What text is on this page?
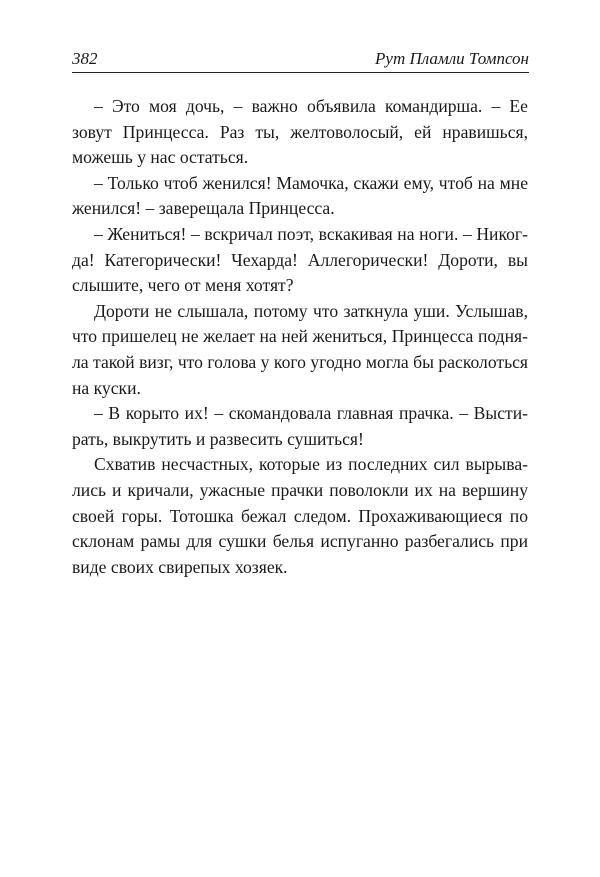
382	Рут Пламли Томпсон

– Это моя дочь, – важно объявила командирша. – Ее зовут Принцесса. Раз ты, желтоволосый, ей нравишься, можешь у нас остаться.

– Только чтоб женился! Мамочка, скажи ему, чтоб на мне женился! – заверещала Принцесса.

– Жениться! – вскричал поэт, вскакивая на ноги. – Никогда! Категорически! Чехарда! Аллегорически! Дороти, вы слышите, чего от меня хотят?

Дороти не слышала, потому что заткнула уши. Услышав, что пришелец не желает на ней жениться, Принцесса подняла такой визг, что голова у кого угодно могла бы расколоться на куски.

– В корыто их! – скомандовала главная прачка. – Выстирать, выкрутить и развесить сушиться!

Схватив несчастных, которые из последних сил вырывались и кричали, ужасные прачки поволокли их на вершину своей горы. Тотошка бежал следом. Прохаживающиеся по склонам рамы для сушки белья испуганно разбегались при виде своих свирепых хозяек.
